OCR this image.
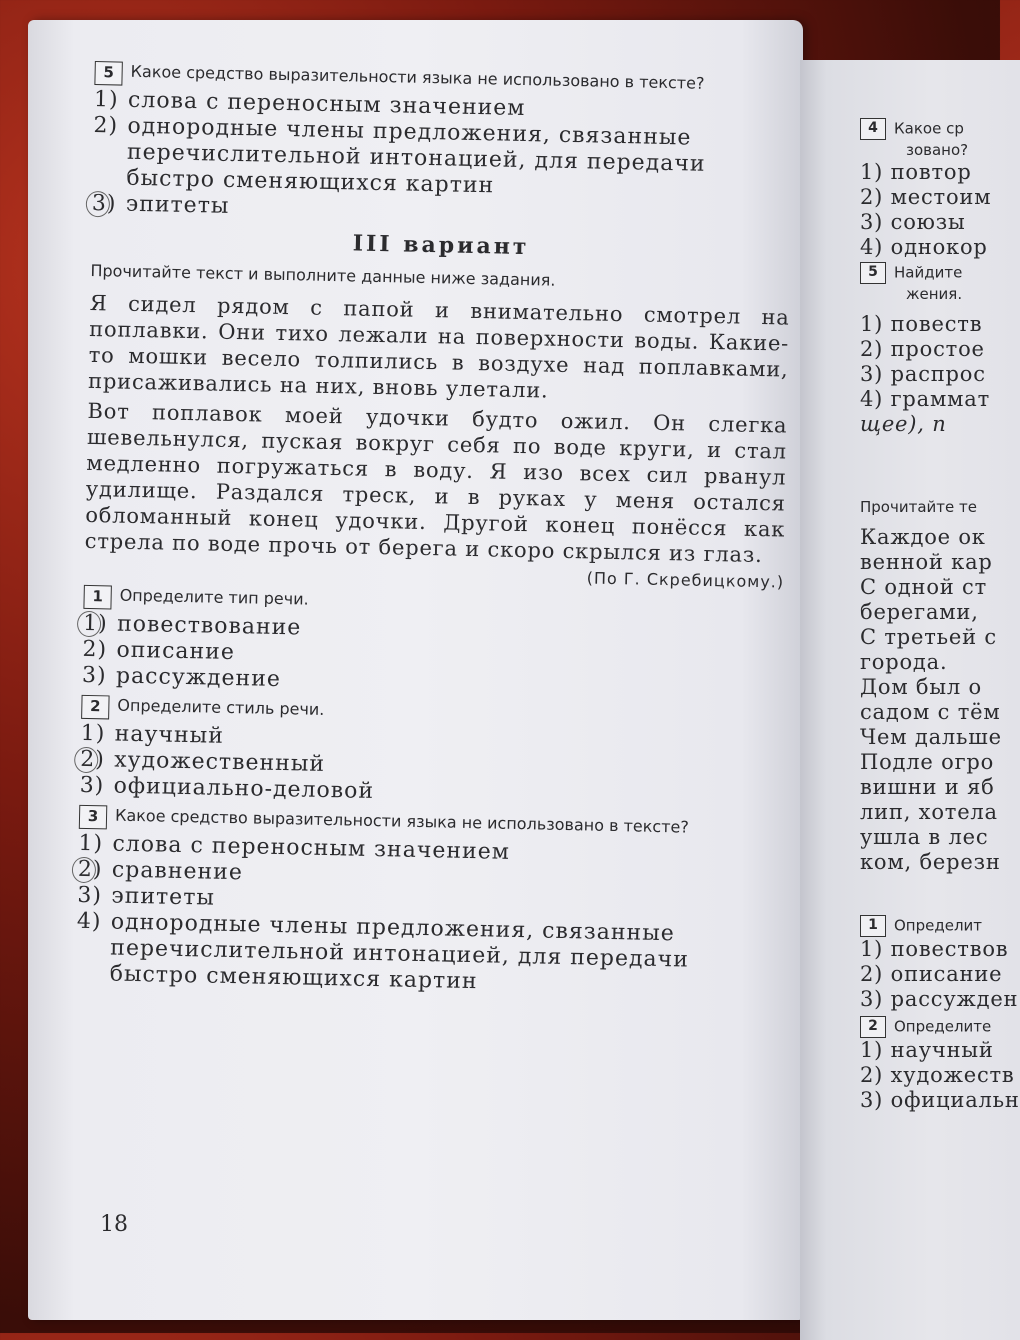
5	Какое средство выразительности языка не использовано в тексте?
1) слова с переносным значением
2) однородные члены предложения, связанные перечислительной интонацией, для передачи быстро сменяющихся картин
3) эпитеты
III вариант
Прочитайте текст и выполните данные ниже задания.

Я сидел рядом с папой и внимательно смотрел на поплавки. Они тихо лежали на поверхности воды. Какие-то мошки весело толпились в воздухе над поплавками, присаживались на них, вновь улетали.

Вот поплавок моей удочки будто ожил. Он слегка шевельнулся, пуская вокруг себя по воде круги, и стал медленно погружаться в воду. Я изо всех сил рванул удилище. Раздался треск, и в руках у меня остался обломанный конец удочки. Другой конец понёсся как стрела по воде прочь от берега и скоро скрылся из глаз.

(По Г. Скребицкому.)
1	Определите тип речи.
1) повествование
2) описание
3) рассуждение
2	Определите стиль речи.
1) научный
2) художественный
3) официально-деловой
3	Какое средство выразительности языка не использовано в тексте?
1) слова с переносным значением
2) сравнение
3) эпитеты
4) однородные члены предложения, связанные перечислительной интонацией, для передачи быстро сменяющихся картин
18
4 Какое ср
зовано?
1) повтор
2) местоим
3) союзы
4) однокор
5 Найдите
жения.
1) повеств
2) простое
3) распрос
4) граммат
щее), п
Прочитайте те
Каждое ок
венной кар
С одной ст
берегами,
С третьей с
города.
Дом был о
садом с тём
Чем дальше
Подле огро
вишни и яб
лип, хотела
ушла в лес
ком, березн
1 Определит
1) повествов
2) описание
3) рассужден
2 Определите
1) научный
2) художеств
3) официальн
